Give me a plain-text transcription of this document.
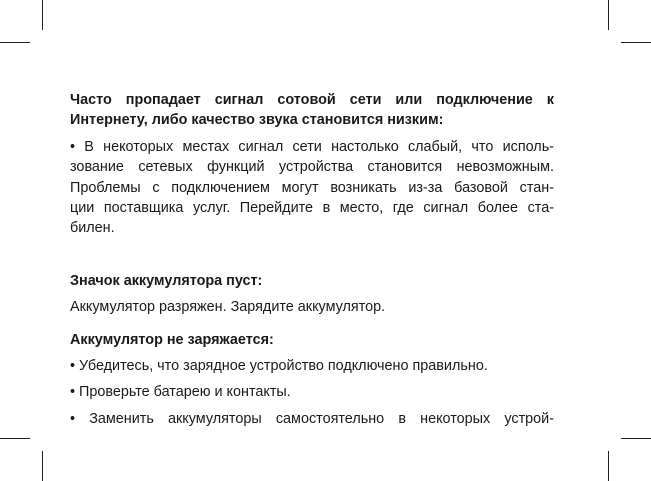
Часто пропадает сигнал сотовой сети или подключение к

Интернету, либо качество звука становится низким:

• В некоторых местах сигнал сети настолько слабый, что исполь-

зование сетевых функций устройства становится невозможным.

Проблемы с подключением могут возникать из-за базовой стан-

ции поставщика услуг. Перейдите в место, где сигнал более ста-

билен.

Значок аккумулятора пуст:

Аккумулятор разряжен. Зарядите аккумулятор.

Аккумулятор не заряжается:

• Убедитесь, что зарядное устройство подключено правильно.

• Проверьте батарею и контакты.

• Заменить аккумуляторы самостоятельно в некоторых устрой-
